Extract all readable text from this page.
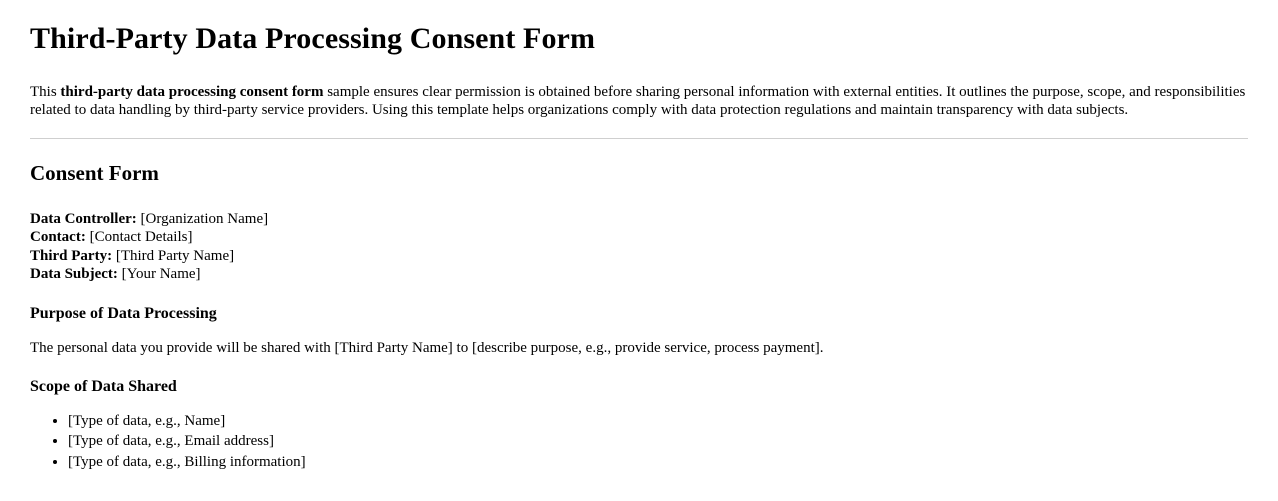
Third-Party Data Processing Consent Form

This third-party data processing consent form sample ensures clear permission is obtained before sharing personal information with external entities. It outlines the purpose, scope, and responsibilities related to data handling by third-party service providers. Using this template helps organizations comply with data protection regulations and maintain transparency with data subjects.

Consent Form
Data Controller: [Organization Name]
Contact: [Contact Details]
Third Party: [Third Party Name]
Data Subject: [Your Name]
Purpose of Data Processing

The personal data you provide will be shared with [Third Party Name] to [describe purpose, e.g., provide service, process payment].

Scope of Data Shared
• [Type of data, e.g., Name]
• [Type of data, e.g., Email address]
• [Type of data, e.g., Billing information]
